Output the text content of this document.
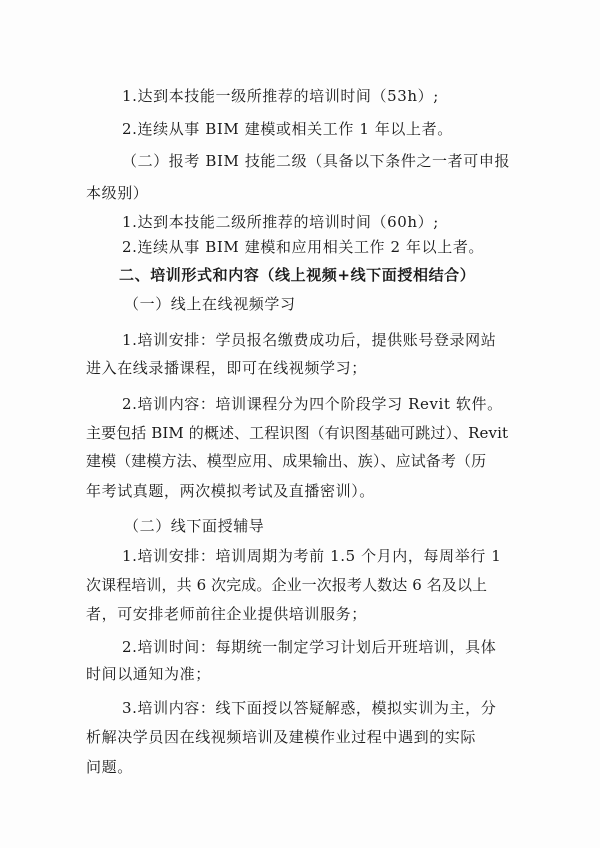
1.达到本技能一级所推荐的培训时间（53h）;
2.连续从事 BIM 建模或相关工作 1 年以上者。
（二）报考 BIM 技能二级（具备以下条件之一者可申报
本级别）
1.达到本技能二级所推荐的培训时间（60h）;
2.连续从事 BIM 建模和应用相关工作 2 年以上者。
二、培训形式和内容（线上视频+线下面授相结合）
（一）线上在线视频学习
1.培训安排：学员报名缴费成功后，提供账号登录网站
进入在线录播课程，即可在线视频学习；
2.培训内容：培训课程分为四个阶段学习 Revit 软件。
主要包括 BIM 的概述、工程识图（有识图基础可跳过）、Revit
建模（建模方法、模型应用、成果输出、族）、应试备考（历
年考试真题，两次模拟考试及直播密训）。
（二）线下面授辅导
1.培训安排：培训周期为考前 1.5 个月内，每周举行 1
次课程培训，共 6 次完成。企业一次报考人数达 6 名及以上
者，可安排老师前往企业提供培训服务；
2.培训时间：每期统一制定学习计划后开班培训，具体
时间以通知为准；
3.培训内容：线下面授以答疑解惑，模拟实训为主，分
析解决学员因在线视频培训及建模作业过程中遇到的实际
问题。
